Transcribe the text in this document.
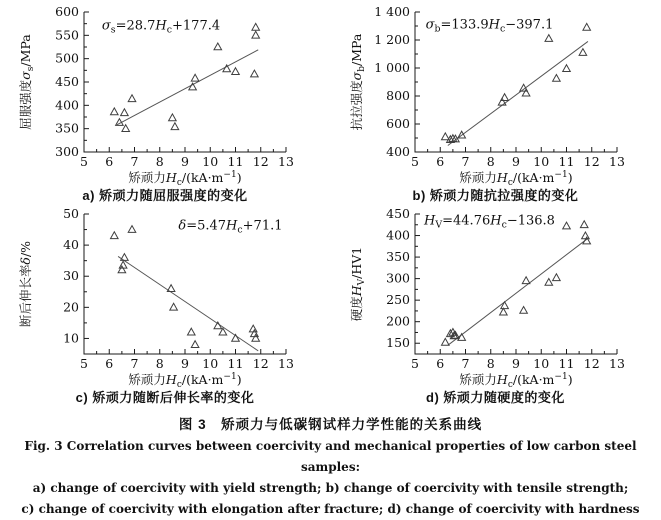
5 6 7 8 9 10 11 12 13
300
350
400
450
500
550
600
$\sigma_s=28.7H_c+177.4$
矫顽力$H_c/(kA\cdot m^{-1})$
屈服强度$\sigma_s$/MPa
a) 矫顽力随屈服强度的变化
5 6 7 8 9 10 11 12 13
400
600
800
1 000
1 200
1 400
$\sigma_b=133.9H_c-397.1$
矫顽力$H_c/(kA\cdot m^{-1})$
抗拉强度$\sigma_b$/MPa
b) 矫顽力随抗拉强度的变化
5 6 7 8 9 10 11 12 13
10
20
30
40
50
$\delta=5.47H_c+71.1$
矫顽力$H_c/(kA\cdot m^{-1})$
断后伸长率δ/%
c) 矫顽力随断后伸长率的变化
5 6 7 8 9 10 11 12 13
150
200
250
300
350
400
450 $H_V=44.76H_c-136.8$
矫顽力$H_c/(kA\cdot m^{-1})$
硬度$H_V/HV1$
d) 矫顽力随硬度的变化
图 3　矫顽力与低碳钢试样力学性能的关系曲线
Fig. 3 Correlation curves between coercivity and mechanical properties of low carbon steel samples:
a) change of coercivity with yield strength; b) change of coercivity with tensile strength;
c) change of coercivity with elongation after fracture; d) change of coercivity with hardness
